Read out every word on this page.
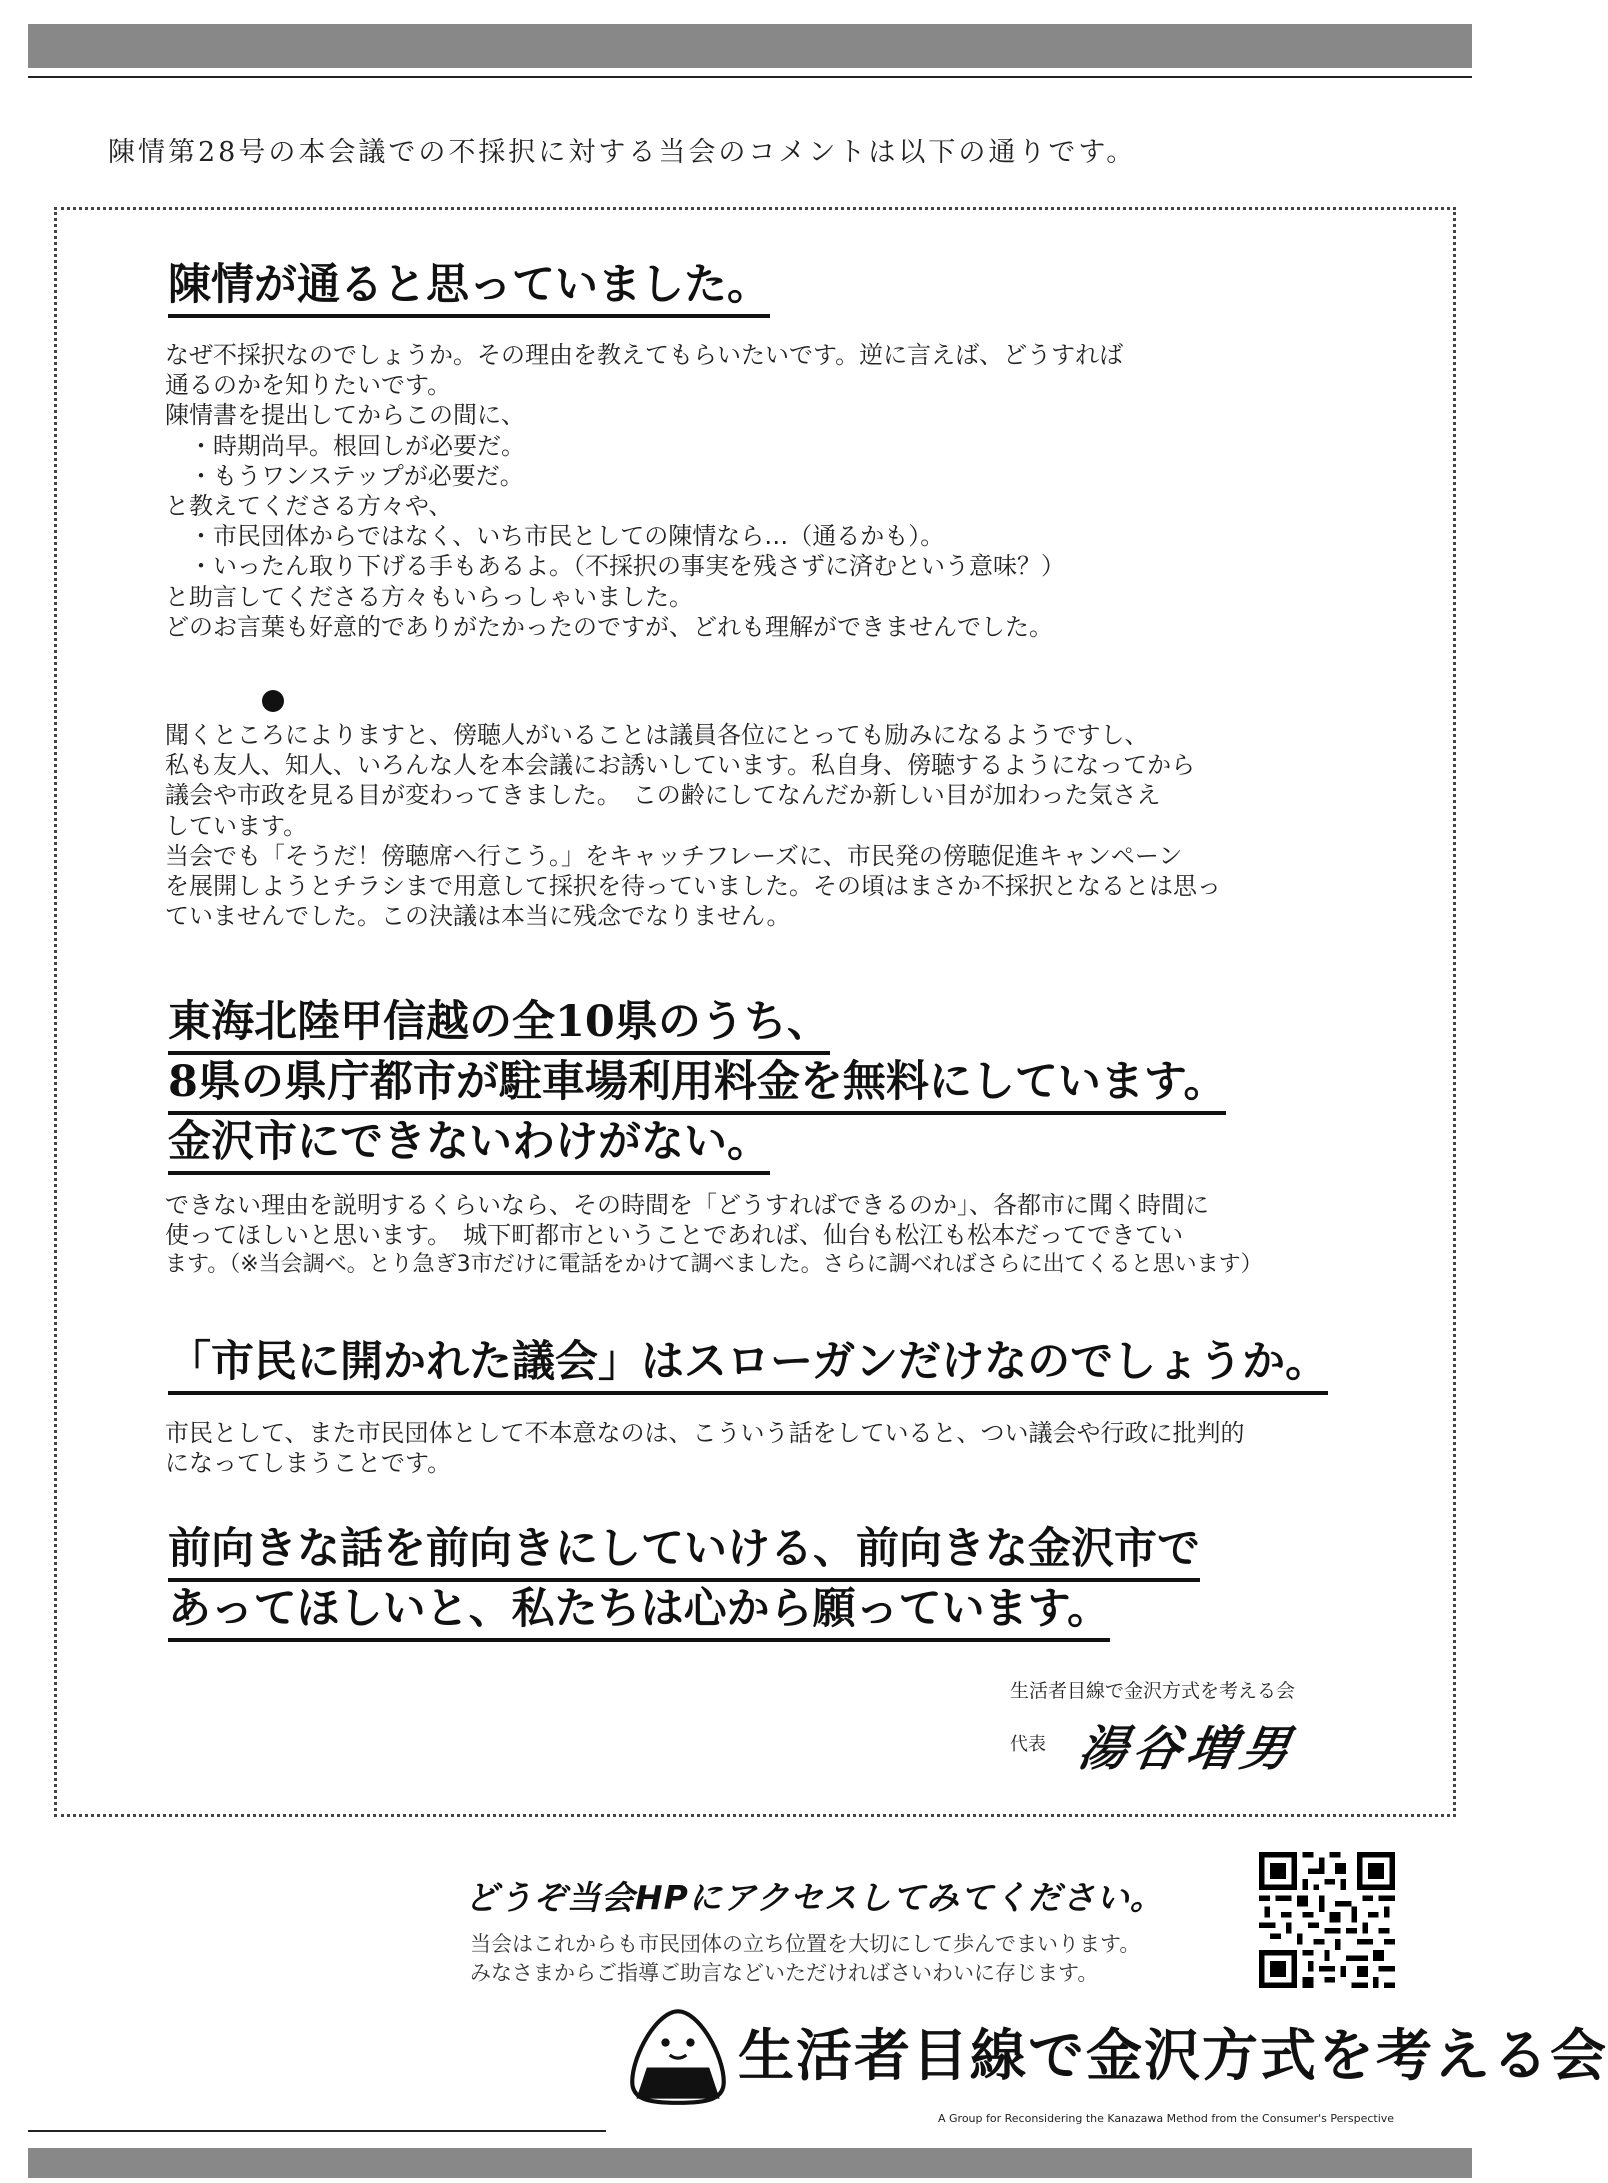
陳情第28号の本会議での不採択に対する当会のコメントは以下の通りです。
陳情が通ると思っていました。
なぜ不採択なのでしょうか。その理由を教えてもらいたいです。逆に言えば、どうすれば
通るのかを知りたいです。
陳情書を提出してからこの間に、
　・時期尚早。根回しが必要だ。
　・もうワンステップが必要だ。
と教えてくださる方々や、
　・市民団体からではなく、いち市民としての陳情なら…（通るかも）。
　・いったん取り下げる手もあるよ。（不採択の事実を残さずに済むという意味？）
と助言してくださる方々もいらっしゃいました。
どのお言葉も好意的でありがたかったのですが、どれも理解ができませんでした。
聞くところによりますと、傍聴人がいることは議員各位にとっても励みになるようですし、
私も友人、知人、いろんな人を本会議にお誘いしています。私自身、傍聴するようになってから
議会や市政を見る目が変わってきました。　この齢にしてなんだか新しい目が加わった気さえ
しています。
当会でも「そうだ！傍聴席へ行こう。」をキャッチフレーズに、市民発の傍聴促進キャンペーン
を展開しようとチラシまで用意して採択を待っていました。その頃はまさか不採択となるとは思っ
ていませんでした。この決議は本当に残念でなりません。
東海北陸甲信越の全10県のうち、
8県の県庁都市が駐車場利用料金を無料にしています。
金沢市にできないわけがない。
できない理由を説明するくらいなら、その時間を「どうすればできるのか」、各都市に聞く時間に
使ってほしいと思います。　城下町都市ということであれば、仙台も松江も松本だってできてい
ます。（※当会調べ。とり急ぎ3市だけに電話をかけて調べました。さらに調べればさらに出てくると思います）
「市民に開かれた議会」はスローガンだけなのでしょうか。
市民として、また市民団体として不本意なのは、こういう話をしていると、つい議会や行政に批判的
になってしまうことです。
前向きな話を前向きにしていける、前向きな金沢市で
あってほしいと、私たちは心から願っています。
生活者目線で金沢方式を考える会
代表 湯谷増男
どうぞ当会HPにアクセスしてみてください。
当会はこれからも市民団体の立ち位置を大切にして歩んでまいります。
みなさまからご指導ご助言などいただければさいわいに存じます。
生活者目線で金沢方式を考える会
A Group for Reconsidering the Kanazawa Method from the Consumer's Perspective
